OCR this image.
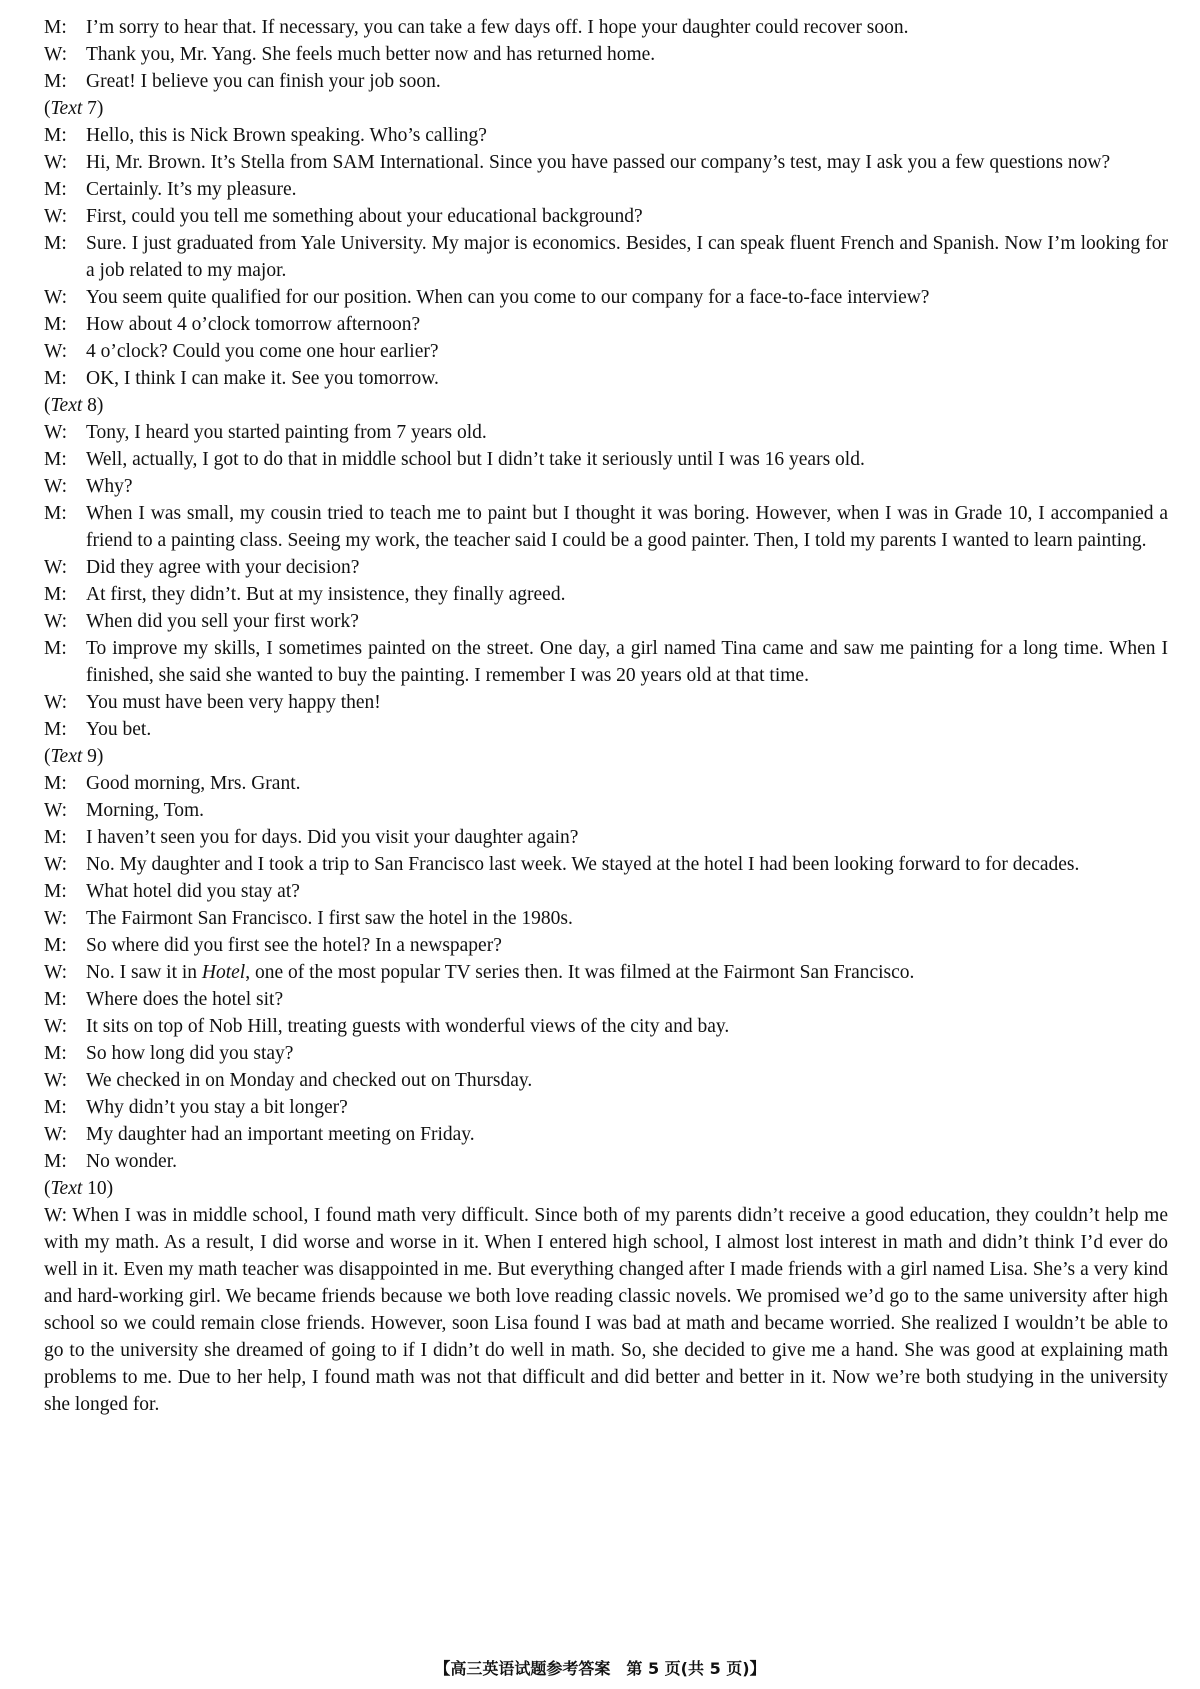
M: I’m sorry to hear that. If necessary, you can take a few days off. I hope your daughter could recover soon.

W: Thank you, Mr. Yang. She feels much better now and has returned home.

M: Great! I believe you can finish your job soon.

(Text 7)

M: Hello, this is Nick Brown speaking. Who’s calling?

W: Hi, Mr. Brown. It’s Stella from SAM International. Since you have passed our company’s test, may I ask you a few questions now?

M: Certainly. It’s my pleasure.

W: First, could you tell me something about your educational background?

M: Sure. I just graduated from Yale University. My major is economics. Besides, I can speak fluent French and Spanish. Now I’m looking for a job related to my major.

W: You seem quite qualified for our position. When can you come to our company for a face-to-face interview?

M: How about 4 o’clock tomorrow afternoon?

W: 4 o’clock? Could you come one hour earlier?

M: OK, I think I can make it. See you tomorrow.

(Text 8)

W: Tony, I heard you started painting from 7 years old.

M: Well, actually, I got to do that in middle school but I didn’t take it seriously until I was 16 years old.

W: Why?

M: When I was small, my cousin tried to teach me to paint but I thought it was boring. However, when I was in Grade 10, I accompanied a friend to a painting class. Seeing my work, the teacher said I could be a good painter. Then, I told my parents I wanted to learn painting.

W: Did they agree with your decision?

M: At first, they didn’t. But at my insistence, they finally agreed.

W: When did you sell your first work?

M: To improve my skills, I sometimes painted on the street. One day, a girl named Tina came and saw me painting for a long time. When I finished, she said she wanted to buy the painting. I remember I was 20 years old at that time.

W: You must have been very happy then!

M: You bet.

(Text 9)

M: Good morning, Mrs. Grant.

W: Morning, Tom.

M: I haven’t seen you for days. Did you visit your daughter again?

W: No. My daughter and I took a trip to San Francisco last week. We stayed at the hotel I had been looking forward to for decades.

M: What hotel did you stay at?

W: The Fairmont San Francisco. I first saw the hotel in the 1980s.

M: So where did you first see the hotel? In a newspaper?

W: No. I saw it in Hotel, one of the most popular TV series then. It was filmed at the Fairmont San Francisco.

M: Where does the hotel sit?

W: It sits on top of Nob Hill, treating guests with wonderful views of the city and bay.

M: So how long did you stay?

W: We checked in on Monday and checked out on Thursday.

M: Why didn’t you stay a bit longer?

W: My daughter had an important meeting on Friday.

M: No wonder.

(Text 10)

W: When I was in middle school, I found math very difficult. Since both of my parents didn’t receive a good education, they couldn’t help me with my math. As a result, I did worse and worse in it. When I entered high school, I almost lost interest in math and didn’t think I’d ever do well in it. Even my math teacher was disappointed in me. But everything changed after I made friends with a girl named Lisa. She’s a very kind and hard-working girl. We became friends because we both love reading classic novels. We promised we’d go to the same university after high school so we could remain close friends. However, soon Lisa found I was bad at math and became worried. She realized I wouldn’t be able to go to the university she dreamed of going to if I didn’t do well in math. So, she decided to give me a hand. She was good at explaining math problems to me. Due to her help, I found math was not that difficult and did better and better in it. Now we’re both studying in the university she longed for.

【高三英语试题参考答案　第 5 页(共 5 页)】
